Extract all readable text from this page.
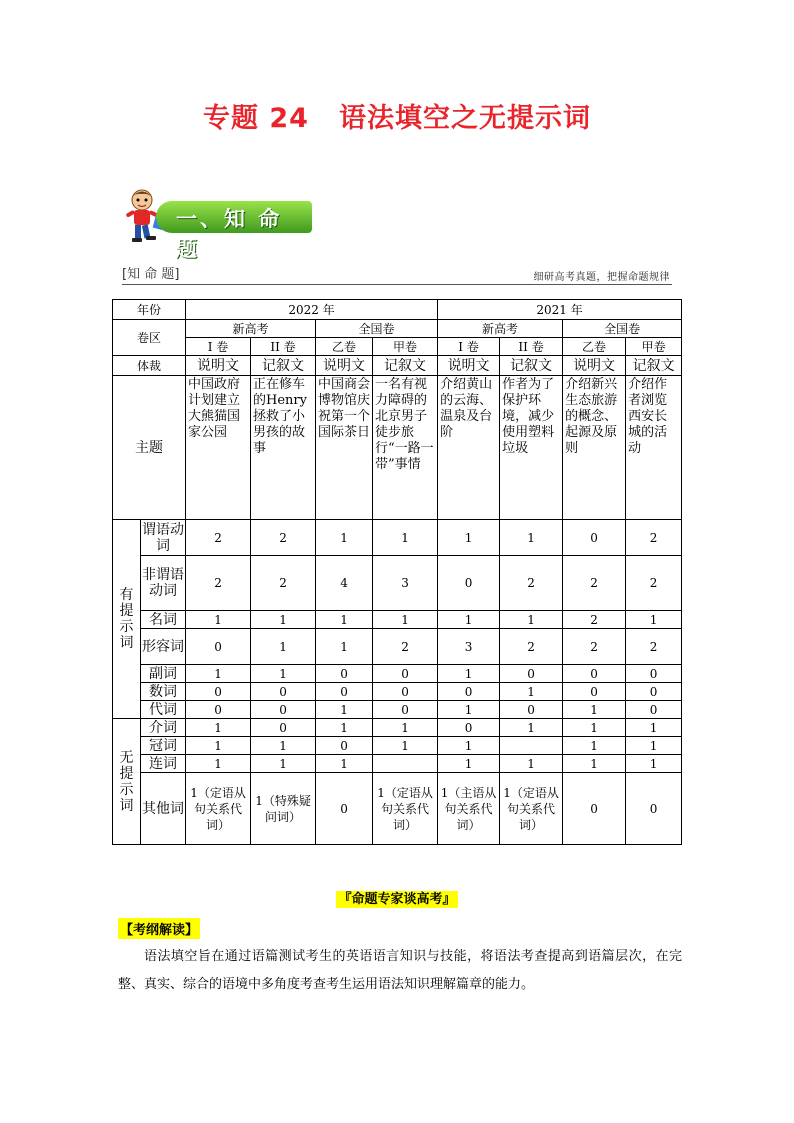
专题 24 语法填空之无提示词
一、知 命 题
[知 命 题]	细研高考真题，把握命题规律
年份		2022 年				2021 年			
卷区		新高考		全国卷		新高考		全国卷	
		I 卷	II 卷	乙卷	甲卷	I 卷	II 卷	乙卷	甲卷
体裁		说明文	记叙文	说明文	记叙文	说明文	记叙文	说明文	记叙文
主题		中国政府计划建立大熊猫国家公园	正在修车的Henry拯救了小男孩的故事	中国商会博物馆庆祝第一个国际茶日	一名有视力障碍的北京男子徒步旅行“一路一带”事情	介绍黄山的云海、温泉及台阶	作者为了保护环境，减少使用塑料垃圾	介绍新兴生态旅游的概念、起源及原则	介绍作者浏览西安长城的活动
有提示词	谓语动词	2	2	1	1	1	1	0	2
	非谓语动词	2	2	4	3	0	2	2	2
	名词	1	1	1	1	1	1	2	1
	形容词	0	1	1	2	3	2	2	2
	副词	1	1	0	0	1	0	0	0
	数词	0	0	0	0	0	1	0	0
	代词	0	0	1	0	1	0	1	0
无提示词	介词	1	0	1	1	0	1	1	1
	冠词	1	1	0	1	1		1	1
	连词	1	1	1		1	1	1	1
	其他词	1（定语从句关系代词）	1（特殊疑问词）	0	1（定语从句关系代词）	1（主语从句关系代词）	1（定语从句关系代词）	0	0
『命题专家谈高考』
【考纲解读】
语法填空旨在通过语篇测试考生的英语语言知识与技能，将语法考查提高到语篇层次，在完整、真实、综合的语境中多角度考查考生运用语法知识理解篇章的能力。
